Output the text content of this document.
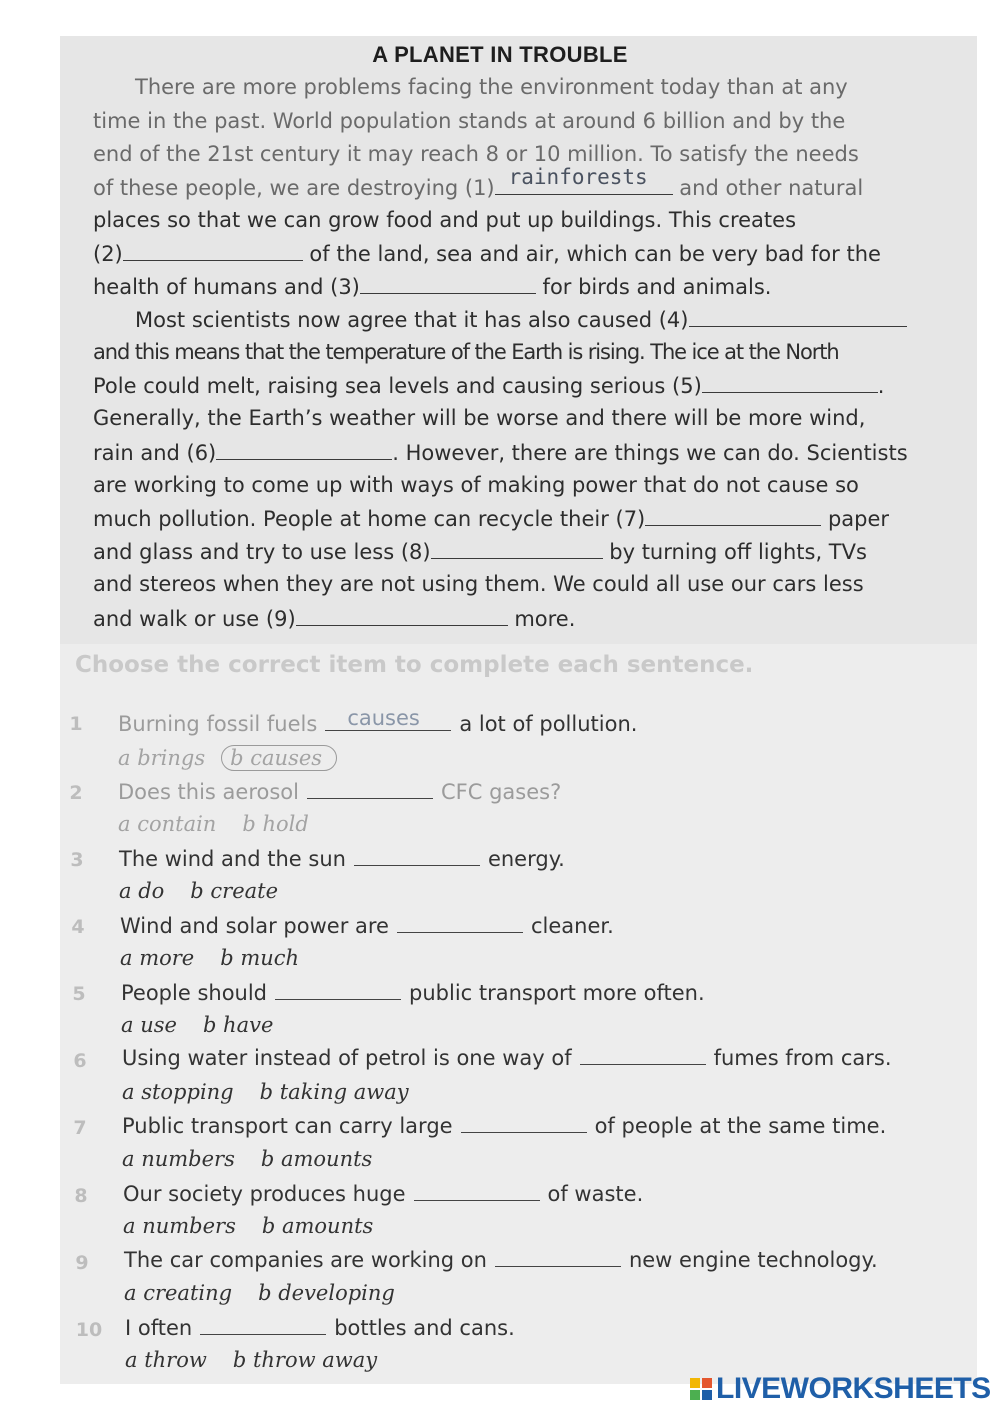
A PLANET IN TROUBLE
There are more problems facing the environment today than at any
time in the past. World population stands at around 6 billion and by the
end of the 21st century it may reach 8 or 10 million. To satisfy the needs
of these people, we are destroying (1) rainforests and other natural
places so that we can grow food and put up buildings. This creates
(2)	of the land, sea and air, which can be very bad for the
health of humans and (3)	for birds and animals.
Most scientists now agree that it has also caused (4)
and this means that the temperature of the Earth is rising. The ice at the North
Pole could melt, raising sea levels and causing serious (5)	.
Generally, the Earth’s weather will be worse and there will be more wind,
rain and (6)	. However, there are things we can do. Scientists
are working to come up with ways of making power that do not cause so
much pollution. People at home can recycle their (7)	paper
and glass and try to use less (8)	by turning off lights, TVs
and stereos when they are not using them. We could all use our cars less
and walk or use (9)	more.
Choose the correct item to complete each sentence.
1	Burning fossil fuels causes a lot of pollution.
a brings b causes
2	Does this aerosol	CFC gases?
a contain b hold
3	The wind and the sun	energy.
a do b create
4	Wind and solar power are	cleaner.
a more b much
5	People should	public transport more often.
a use b have
6	Using water instead of petrol is one way of	fumes from cars.
a stopping b taking away
7	Public transport can carry large	of people at the same time.
a numbers b amounts
8	Our society produces huge	of waste.
a numbers b amounts
9	The car companies are working on	new engine technology.
a creating b developing
10 I often	bottles and cans.
a throw b throw away
LIVEWORKSHEETS
